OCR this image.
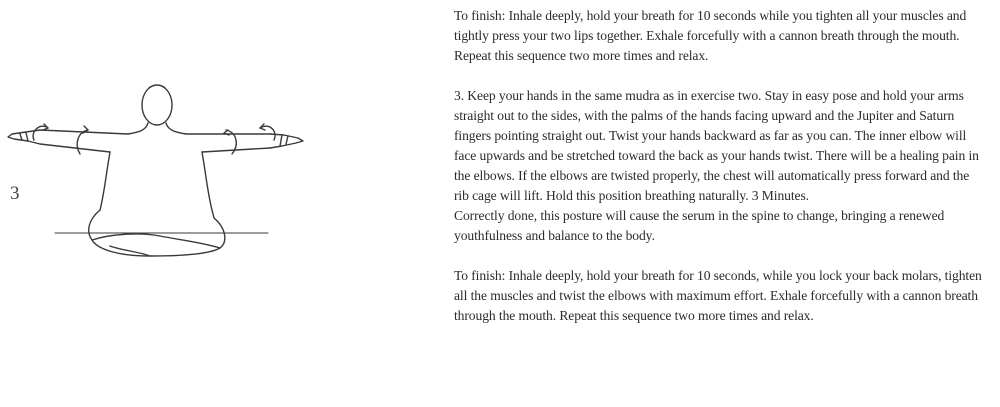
3

To finish: Inhale deeply, hold your breath for 10 seconds while you tighten all your muscles and tightly press your two lips together. Exhale forcefully with a cannon breath through the mouth. Repeat this sequence two more times and relax.

3. Keep your hands in the same mudra as in exercise two. Stay in easy pose and hold your arms straight out to the sides, with the palms of the hands facing upward and the Jupiter and Saturn fingers pointing straight out. Twist your hands backward as far as you can. The inner elbow will face upwards and be stretched toward the back as your hands twist. There will be a healing pain in the elbows. If the elbows are twisted properly, the chest will automatically press forward and the rib cage will lift. Hold this position breathing naturally. 3 Minutes.

Correctly done, this posture will cause the serum in the spine to change, bringing a renewed youthfulness and balance to the body.

To finish: Inhale deeply, hold your breath for 10 seconds, while you lock your back molars, tighten all the muscles and twist the elbows with maximum effort. Exhale forcefully with a cannon breath through the mouth. Repeat this sequence two more times and relax.
